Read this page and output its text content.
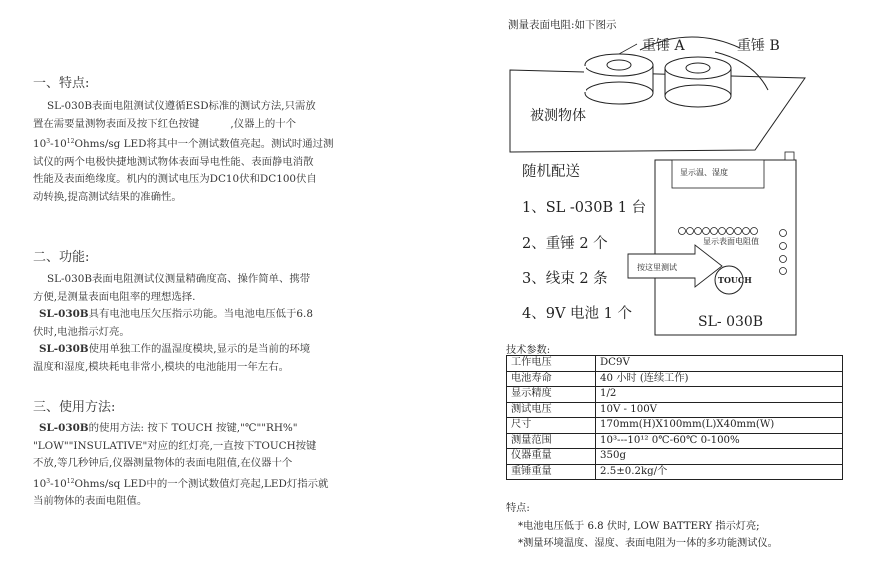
一、特点:
SL-030B表面电阻测试仪遵循ESD标准的测试方法,只需放
置在需要量测物表面及按下红色按键　　　,仪器上的十个
$10^3-10^{12}Ohms/sg$ LED将其中一个测试数值亮起。测试时通过测
试仪的两个电极快捷地测试物体表面导电性能、表面静电消散
性能及表面绝缘度。机内的测试电压为DC10伏和DC100伏自
动转换,提高测试结果的准确性。
二、功能:
SL-030B表面电阻测试仪测量精确度高、操作简单、携带
方便,是测量表面电阻率的理想选择.
SL-030B具有电池电压欠压指示功能。当电池电压低于6.8
伏时,电池指示灯亮。
SL-030B使用单独工作的温湿度模块,显示的是当前的环境
温度和湿度,模块耗电非常小,模块的电池能用一年左右。
三、使用方法:
SL-030B的使用方法: 按下 TOUCH 按键,"℃""RH%"
"LOW""INSULATIVE"对应的红灯亮,一直按下TOUCH按键
不放,等几秒钟后,仪器测量物体的表面电阻值,在仪器十个
$10^3-10^{12}Ohms/sq$ LED中的一个测试数值灯亮起,LED灯指示就
当前物体的表面电阻值。
测量表面电阻:如下图示
重锤 A	重锤 B
被测物体
随机配送
1、SL -030B 1 台
2、重锤 2 个
3、线束 2 条
4、9V 电池 1 个
显示温、湿度
显示表面电阻值
按这里测试
TOUCH
SL- 030B
技术参数:
工作电压	DC9V
电池寿命	40 小时 (连续工作)
显示精度	1/2
测试电压	10V - 100V
尺寸	170mm(H)X100mm(L)X40mm(W)
测量范围	10³---10¹² 0℃-60℃ 0-100%
仪器重量	350g
重锤重量	2.5±0.2kg/个
特点:
*电池电压低于 6.8 伏时, LOW BATTERY 指示灯亮;
*测量环境温度、湿度、表面电阻为一体的多功能测试仪。
